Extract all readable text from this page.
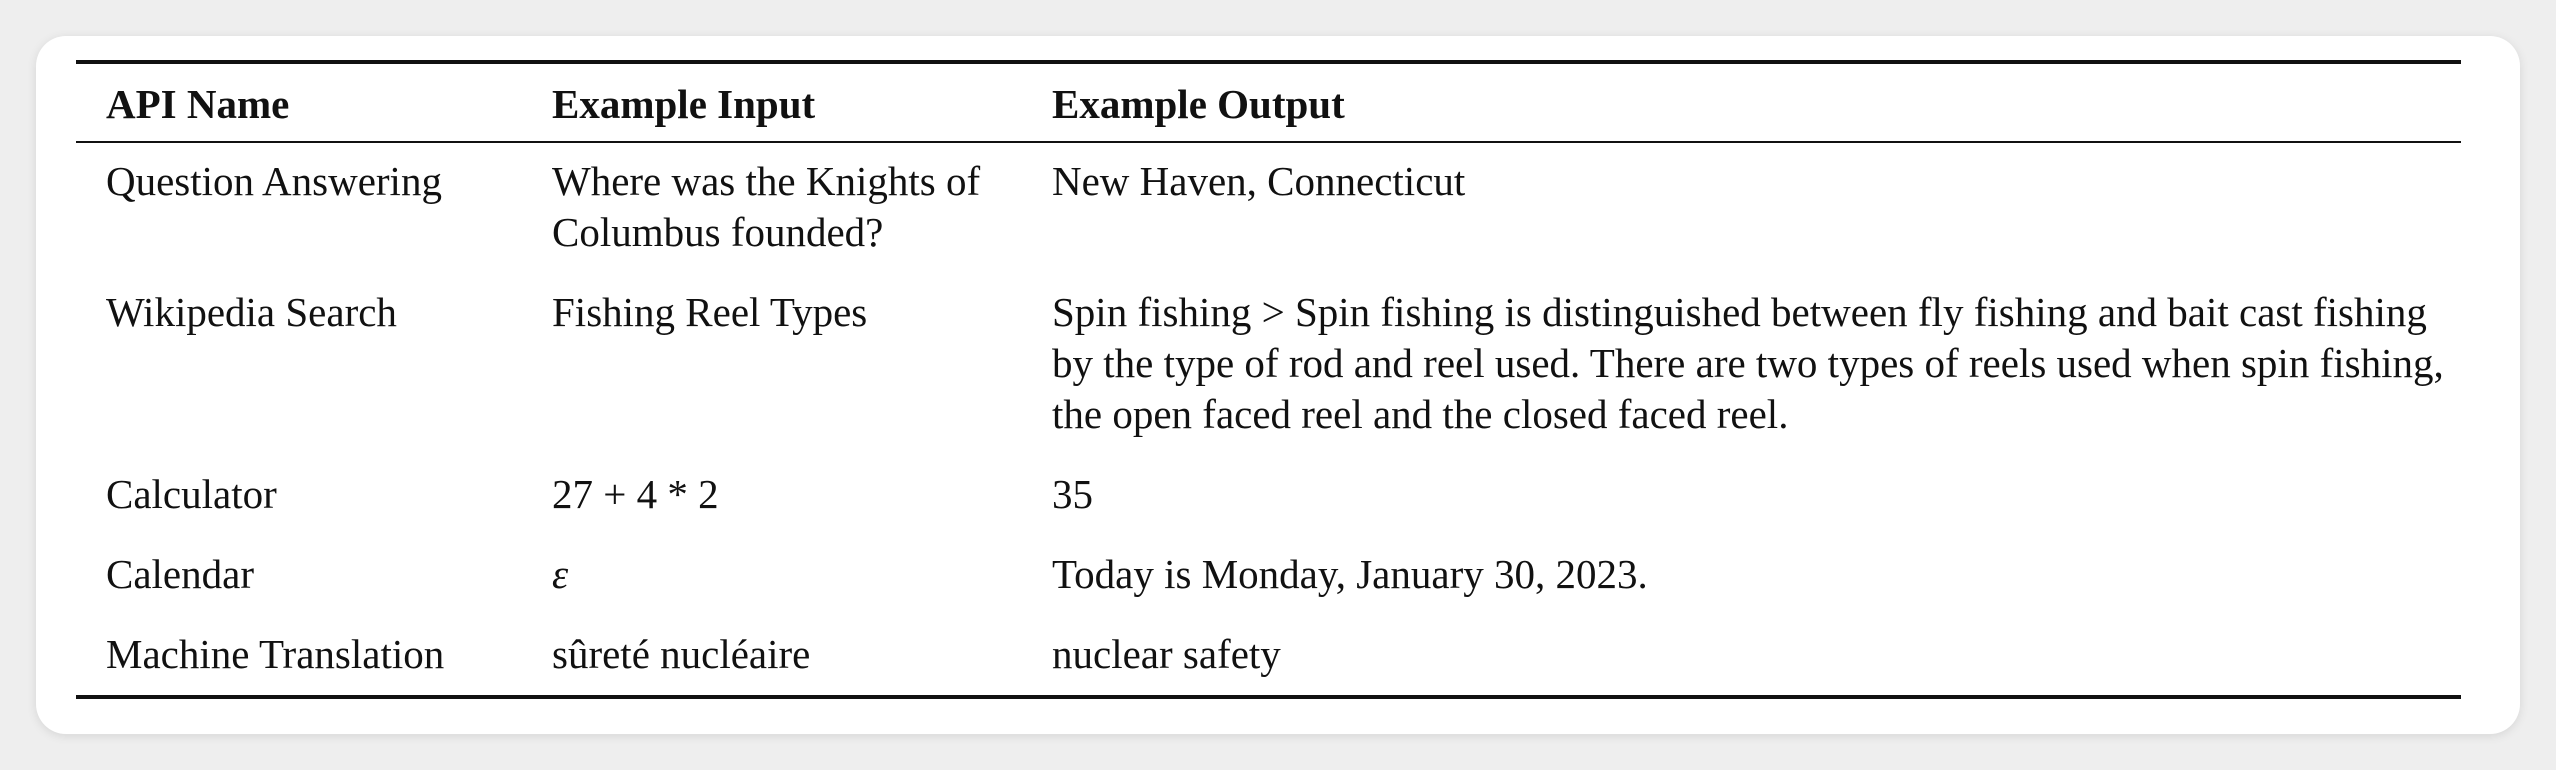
API Name	Example Input	Example Output
Question Answering	Where was the Knights of Columbus founded?	New Haven, Connecticut
Wikipedia Search	Fishing Reel Types	Spin fishing > Spin fishing is distinguished between fly fishing and bait cast fishing by the type of rod and reel used. There are two types of reels used when spin fishing, the open faced reel and the closed faced reel.
Calculator	27 + 4 * 2	35
Calendar	ε	Today is Monday, January 30, 2023.
Machine Translation	sûreté nucléaire	nuclear safety
